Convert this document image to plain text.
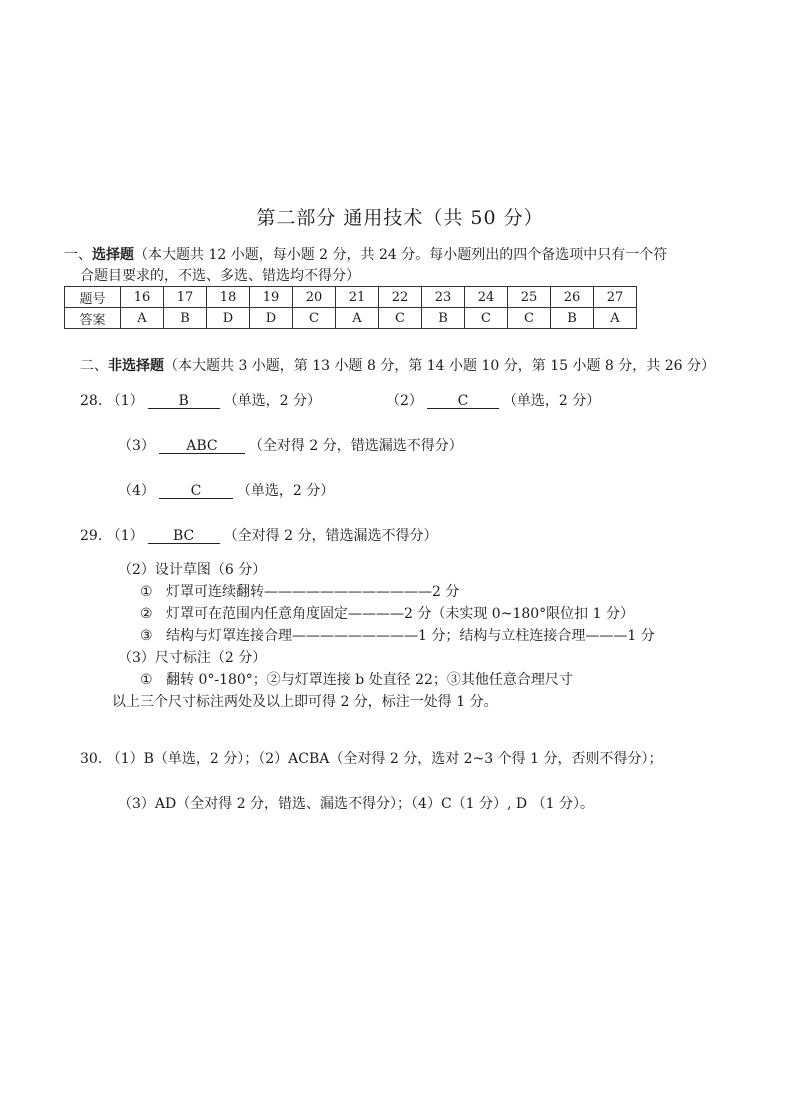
第二部分 通用技术（共 50 分）
一、选择题（本大题共 12 小题，每小题 2 分，共 24 分。每小题列出的四个备选项中只有一个符
合题目要求的，不选、多选、错选均不得分）
题号	16	17	18	19	20	21	22	23	24	25	26	27
答案	A	B	D	D	C	A	C	B	C	C	B	A
二、非选择题（本大题共 3 小题，第 13 小题 8 分，第 14 小题 10 分，第 15 小题 8 分，共 26 分）
28. （1） B （单选，2 分）	（2） C （单选，2 分）
（3） ABC （全对得 2 分，错选漏选不得分）
（4）	C	（单选，2 分）
29. （1） BC （全对得 2 分，错选漏选不得分）
（2）设计草图（6 分）
① 灯罩可连续翻转————————————2 分
② 灯罩可在范围内任意角度固定————2 分（未实现 0~180°限位扣 1 分）
③ 结构与灯罩连接合理—————————1 分；结构与立柱连接合理———1 分
（3）尺寸标注（2 分）
① 翻转 0°-180°；②与灯罩连接 b 处直径 22；③其他任意合理尺寸
以上三个尺寸标注两处及以上即可得 2 分，标注一处得 1 分。
30. （1）B（单选，2 分）；（2）ACBA（全对得 2 分，选对 2~3 个得 1 分，否则不得分）；
（3）AD（全对得 2 分，错选、漏选不得分）；（4）C（1 分）, D （1 分）。
